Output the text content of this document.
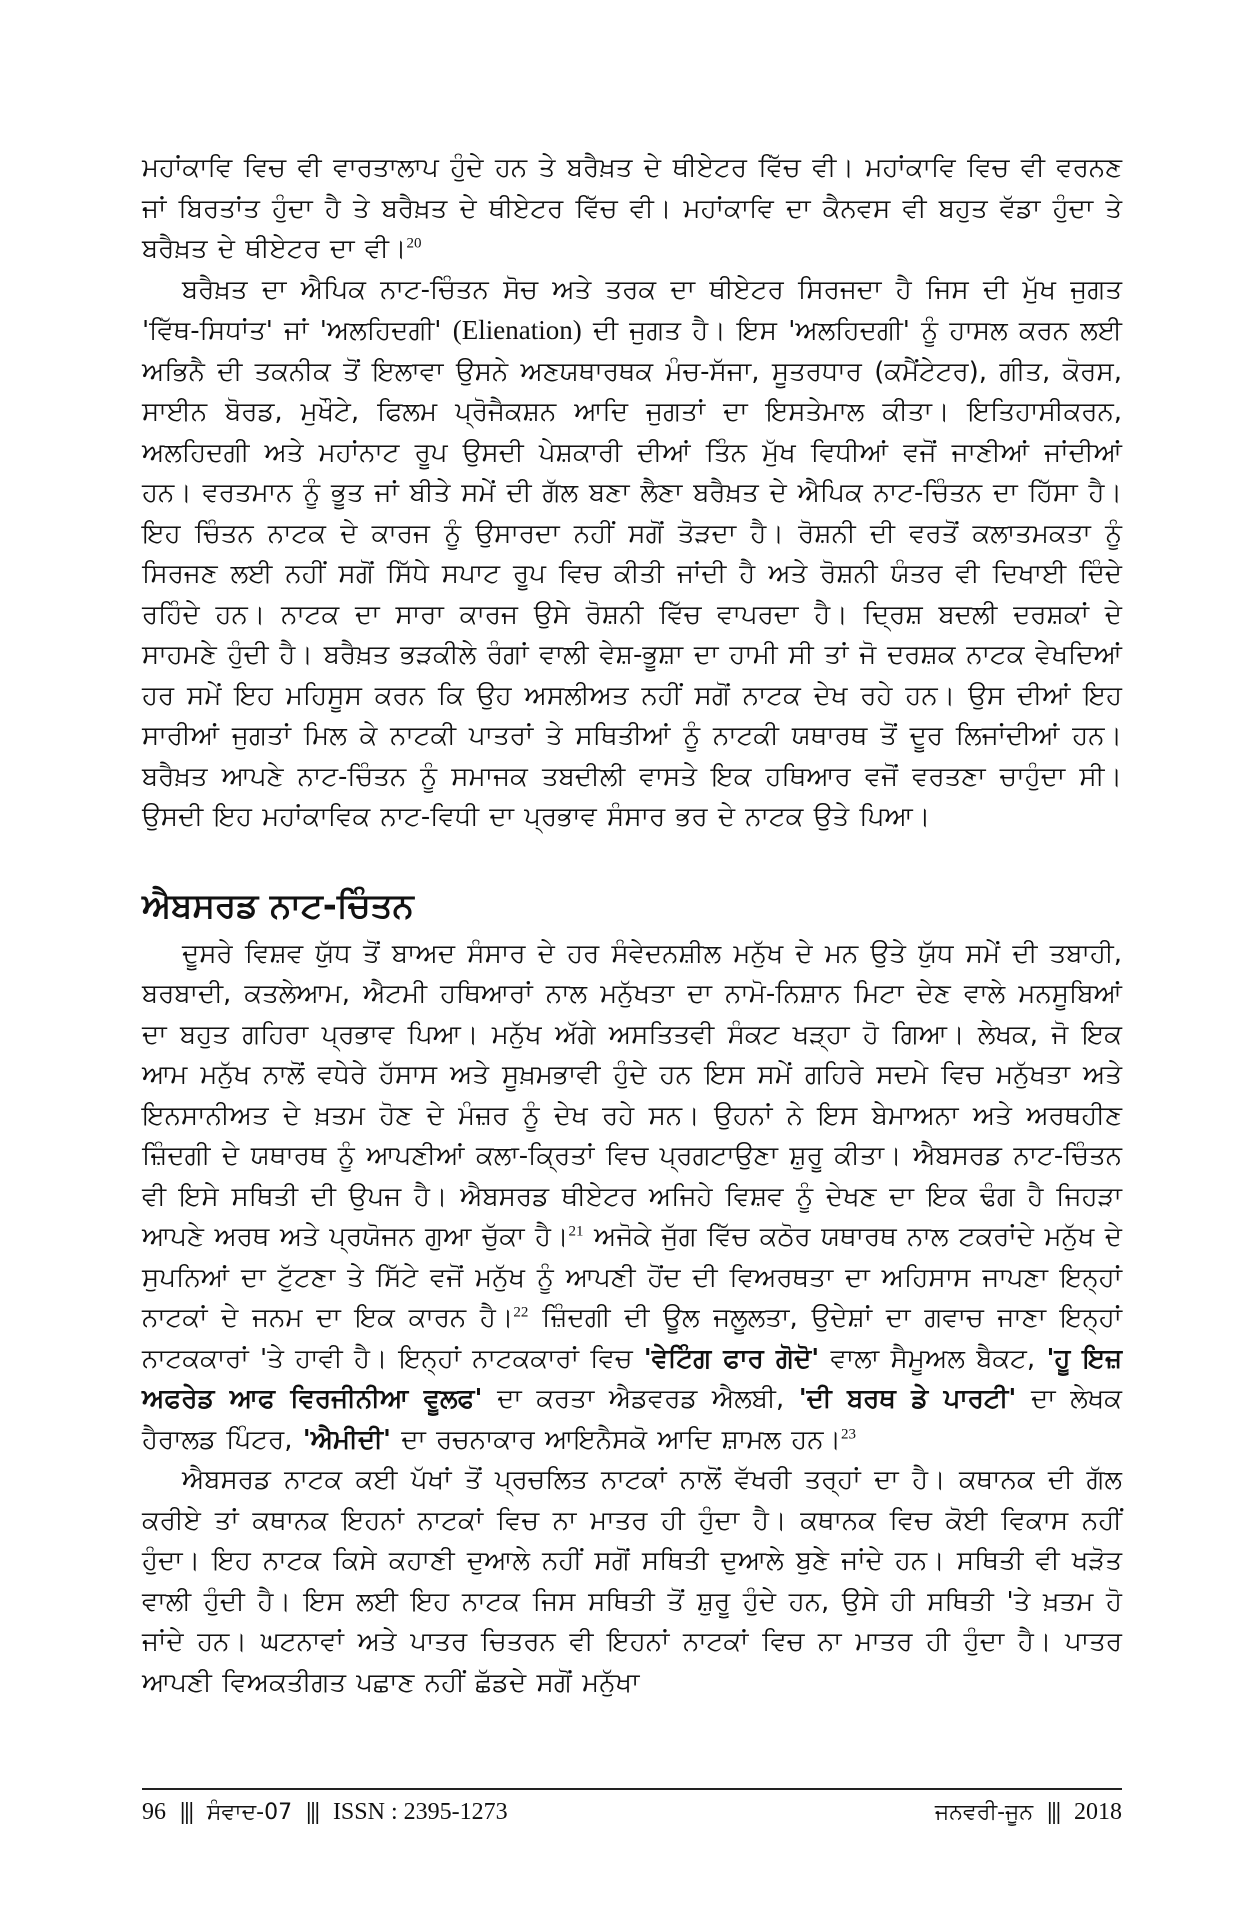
ਮਹਾਂਕਾਵਿ ਵਿਚ ਵੀ ਵਾਰਤਾਲਾਪ ਹੁੰਦੇ ਹਨ ਤੇ ਬਰੈਖ਼ਤ ਦੇ ਥੀਏਟਰ ਵਿੱਚ ਵੀ। ਮਹਾਂਕਾਵਿ ਵਿਚ ਵੀ ਵਰਨਣ ਜਾਂ ਬਿਰਤਾਂਤ ਹੁੰਦਾ ਹੈ ਤੇ ਬਰੈਖ਼ਤ ਦੇ ਥੀਏਟਰ ਵਿੱਚ ਵੀ। ਮਹਾਂਕਾਵਿ ਦਾ ਕੈਨਵਸ ਵੀ ਬਹੁਤ ਵੱਡਾ ਹੁੰਦਾ ਤੇ ਬਰੈਖ਼ਤ ਦੇ ਥੀਏਟਰ ਦਾ ਵੀ।$^{20}$

ਬਰੈਖ਼ਤ ਦਾ ਐਪਿਕ ਨਾਟ-ਚਿੰਤਨ ਸੋਚ ਅਤੇ ਤਰਕ ਦਾ ਥੀਏਟਰ ਸਿਰਜਦਾ ਹੈ ਜਿਸ ਦੀ ਮੁੱਖ ਜੁਗਤ 'ਵਿੱਥ-ਸਿਧਾਂਤ' ਜਾਂ 'ਅਲਹਿਦਗੀ' (Elienation) ਦੀ ਜੁਗਤ ਹੈ। ਇਸ 'ਅਲਹਿਦਗੀ' ਨੂੰ ਹਾਸਲ ਕਰਨ ਲਈ ਅਭਿਨੈ ਦੀ ਤਕਨੀਕ ਤੋਂ ਇਲਾਵਾ ਉਸਨੇ ਅਣਯਥਾਰਥਕ ਮੰਚ-ਸੱਜਾ, ਸੂਤਰਧਾਰ (ਕਮੈਂਟੇਟਰ), ਗੀਤ, ਕੋਰਸ, ਸਾਈਨ ਬੋਰਡ, ਮੁਖੌਟੇ, ਫਿਲਮ ਪ੍ਰੋਜੈਕਸ਼ਨ ਆਦਿ ਜੁਗਤਾਂ ਦਾ ਇਸਤੇਮਾਲ ਕੀਤਾ। ਇਤਿਹਾਸੀਕਰਨ, ਅਲਹਿਦਗੀ ਅਤੇ ਮਹਾਂਨਾਟ ਰੂਪ ਉਸਦੀ ਪੇਸ਼ਕਾਰੀ ਦੀਆਂ ਤਿੰਨ ਮੁੱਖ ਵਿਧੀਆਂ ਵਜੋਂ ਜਾਣੀਆਂ ਜਾਂਦੀਆਂ ਹਨ। ਵਰਤਮਾਨ ਨੂੰ ਭੂਤ ਜਾਂ ਬੀਤੇ ਸਮੇਂ ਦੀ ਗੱਲ ਬਣਾ ਲੈਣਾ ਬਰੈਖ਼ਤ ਦੇ ਐਪਿਕ ਨਾਟ-ਚਿੰਤਨ ਦਾ ਹਿੱਸਾ ਹੈ। ਇਹ ਚਿੰਤਨ ਨਾਟਕ ਦੇ ਕਾਰਜ ਨੂੰ ਉਸਾਰਦਾ ਨਹੀਂ ਸਗੋਂ ਤੋੜਦਾ ਹੈ। ਰੋਸ਼ਨੀ ਦੀ ਵਰਤੋਂ ਕਲਾਤਮਕਤਾ ਨੂੰ ਸਿਰਜਣ ਲਈ ਨਹੀਂ ਸਗੋਂ ਸਿੱਧੇ ਸਪਾਟ ਰੂਪ ਵਿਚ ਕੀਤੀ ਜਾਂਦੀ ਹੈ ਅਤੇ ਰੋਸ਼ਨੀ ਯੰਤਰ ਵੀ ਦਿਖਾਈ ਦਿੰਦੇ ਰਹਿੰਦੇ ਹਨ। ਨਾਟਕ ਦਾ ਸਾਰਾ ਕਾਰਜ ਉਸੇ ਰੋਸ਼ਨੀ ਵਿੱਚ ਵਾਪਰਦਾ ਹੈ। ਦ੍ਰਿਸ਼ ਬਦਲੀ ਦਰਸ਼ਕਾਂ ਦੇ ਸਾਹਮਣੇ ਹੁੰਦੀ ਹੈ। ਬਰੈਖ਼ਤ ਭੜਕੀਲੇ ਰੰਗਾਂ ਵਾਲੀ ਵੇਸ਼-ਭੂਸ਼ਾ ਦਾ ਹਾਮੀ ਸੀ ਤਾਂ ਜੋ ਦਰਸ਼ਕ ਨਾਟਕ ਵੇਖਦਿਆਂ ਹਰ ਸਮੇਂ ਇਹ ਮਹਿਸੂਸ ਕਰਨ ਕਿ ਉਹ ਅਸਲੀਅਤ ਨਹੀਂ ਸਗੋਂ ਨਾਟਕ ਦੇਖ ਰਹੇ ਹਨ। ਉਸ ਦੀਆਂ ਇਹ ਸਾਰੀਆਂ ਜੁਗਤਾਂ ਮਿਲ ਕੇ ਨਾਟਕੀ ਪਾਤਰਾਂ ਤੇ ਸਥਿਤੀਆਂ ਨੂੰ ਨਾਟਕੀ ਯਥਾਰਥ ਤੋਂ ਦੂਰ ਲਿਜਾਂਦੀਆਂ ਹਨ। ਬਰੈਖ਼ਤ ਆਪਣੇ ਨਾਟ-ਚਿੰਤਨ ਨੂੰ ਸਮਾਜਕ ਤਬਦੀਲੀ ਵਾਸਤੇ ਇਕ ਹਥਿਆਰ ਵਜੋਂ ਵਰਤਣਾ ਚਾਹੁੰਦਾ ਸੀ। ਉਸਦੀ ਇਹ ਮਹਾਂਕਾਵਿਕ ਨਾਟ-ਵਿਧੀ ਦਾ ਪ੍ਰਭਾਵ ਸੰਸਾਰ ਭਰ ਦੇ ਨਾਟਕ ਉਤੇ ਪਿਆ।

ਐਬਸਰਡ ਨਾਟ-ਚਿੰਤਨ

ਦੂਸਰੇ ਵਿਸ਼ਵ ਯੁੱਧ ਤੋਂ ਬਾਅਦ ਸੰਸਾਰ ਦੇ ਹਰ ਸੰਵੇਦਨਸ਼ੀਲ ਮਨੁੱਖ ਦੇ ਮਨ ਉਤੇ ਯੁੱਧ ਸਮੇਂ ਦੀ ਤਬਾਹੀ, ਬਰਬਾਦੀ, ਕਤਲੇਆਮ, ਐਟਮੀ ਹਥਿਆਰਾਂ ਨਾਲ ਮਨੁੱਖਤਾ ਦਾ ਨਾਮੋ-ਨਿਸ਼ਾਨ ਮਿਟਾ ਦੇਣ ਵਾਲੇ ਮਨਸੂਬਿਆਂ ਦਾ ਬਹੁਤ ਗਹਿਰਾ ਪ੍ਰਭਾਵ ਪਿਆ। ਮਨੁੱਖ ਅੱਗੇ ਅਸਤਿਤਵੀ ਸੰਕਟ ਖੜ੍ਹਾ ਹੋ ਗਿਆ। ਲੇਖਕ, ਜੋ ਇਕ ਆਮ ਮਨੁੱਖ ਨਾਲੋਂ ਵਧੇਰੇ ਹੱਸਾਸ ਅਤੇ ਸੂਖ਼ਮਭਾਵੀ ਹੁੰਦੇ ਹਨ ਇਸ ਸਮੇਂ ਗਹਿਰੇ ਸਦਮੇ ਵਿਚ ਮਨੁੱਖਤਾ ਅਤੇ ਇਨਸਾਨੀਅਤ ਦੇ ਖ਼ਤਮ ਹੋਣ ਦੇ ਮੰਜ਼ਰ ਨੂੰ ਦੇਖ ਰਹੇ ਸਨ। ਉਹਨਾਂ ਨੇ ਇਸ ਬੇਮਾਅਨਾ ਅਤੇ ਅਰਥਹੀਣ ਜ਼ਿੰਦਗੀ ਦੇ ਯਥਾਰਥ ਨੂੰ ਆਪਣੀਆਂ ਕਲਾ-ਕ੍ਰਿਤਾਂ ਵਿਚ ਪ੍ਰਗਟਾਉਣਾ ਸ਼ੁਰੂ ਕੀਤਾ। ਐਬਸਰਡ ਨਾਟ-ਚਿੰਤਨ ਵੀ ਇਸੇ ਸਥਿਤੀ ਦੀ ਉਪਜ ਹੈ। ਐਬਸਰਡ ਥੀਏਟਰ ਅਜਿਹੇ ਵਿਸ਼ਵ ਨੂੰ ਦੇਖਣ ਦਾ ਇਕ ਢੰਗ ਹੈ ਜਿਹੜਾ ਆਪਣੇ ਅਰਥ ਅਤੇ ਪ੍ਰਯੋਜਨ ਗੁਆ ਚੁੱਕਾ ਹੈ।$^{21}$ ਅਜੋਕੇ ਜੁੱਗ ਵਿੱਚ ਕਠੋਰ ਯਥਾਰਥ ਨਾਲ ਟਕਰਾਂਦੇ ਮਨੁੱਖ ਦੇ ਸੁਪਨਿਆਂ ਦਾ ਟੁੱਟਣਾ ਤੇ ਸਿੱਟੇ ਵਜੋਂ ਮਨੁੱਖ ਨੂੰ ਆਪਣੀ ਹੋਂਦ ਦੀ ਵਿਅਰਥਤਾ ਦਾ ਅਹਿਸਾਸ ਜਾਪਣਾ ਇਨ੍ਹਾਂ ਨਾਟਕਾਂ ਦੇ ਜਨਮ ਦਾ ਇਕ ਕਾਰਨ ਹੈ।$^{22}$ ਜ਼ਿੰਦਗੀ ਦੀ ਊਲ ਜਲੂਲਤਾ, ਉਦੇਸ਼ਾਂ ਦਾ ਗਵਾਚ ਜਾਣਾ ਇਨ੍ਹਾਂ ਨਾਟਕਕਾਰਾਂ 'ਤੇ ਹਾਵੀ ਹੈ। ਇਨ੍ਹਾਂ ਨਾਟਕਕਾਰਾਂ ਵਿਚ 'ਵੇਟਿੰਗ ਫਾਰ ਗੋਦੋ' ਵਾਲਾ ਸੈਮੂਅਲ ਬੈਕਟ, 'ਹੂ ਇਜ਼ ਅਫਰੇਡ ਆਫ ਵਿਰਜੀਨੀਆ ਵੂਲਫ' ਦਾ ਕਰਤਾ ਐਡਵਰਡ ਐਲਬੀ, 'ਦੀ ਬਰਥ ਡੇ ਪਾਰਟੀ' ਦਾ ਲੇਖਕ ਹੈਰਾਲਡ ਪਿੰਟਰ, 'ਐਮੀਦੀ' ਦਾ ਰਚਨਾਕਾਰ ਆਇਨੈਸਕੋ ਆਦਿ ਸ਼ਾਮਲ ਹਨ।$^{23}$

ਐਬਸਰਡ ਨਾਟਕ ਕਈ ਪੱਖਾਂ ਤੋਂ ਪ੍ਰਚਲਿਤ ਨਾਟਕਾਂ ਨਾਲੋਂ ਵੱਖਰੀ ਤਰ੍ਹਾਂ ਦਾ ਹੈ। ਕਥਾਨਕ ਦੀ ਗੱਲ ਕਰੀਏ ਤਾਂ ਕਥਾਨਕ ਇਹਨਾਂ ਨਾਟਕਾਂ ਵਿਚ ਨਾ ਮਾਤਰ ਹੀ ਹੁੰਦਾ ਹੈ। ਕਥਾਨਕ ਵਿਚ ਕੋਈ ਵਿਕਾਸ ਨਹੀਂ ਹੁੰਦਾ। ਇਹ ਨਾਟਕ ਕਿਸੇ ਕਹਾਣੀ ਦੁਆਲੇ ਨਹੀਂ ਸਗੋਂ ਸਥਿਤੀ ਦੁਆਲੇ ਬੁਣੇ ਜਾਂਦੇ ਹਨ। ਸਥਿਤੀ ਵੀ ਖੜੋਤ ਵਾਲੀ ਹੁੰਦੀ ਹੈ। ਇਸ ਲਈ ਇਹ ਨਾਟਕ ਜਿਸ ਸਥਿਤੀ ਤੋਂ ਸ਼ੁਰੂ ਹੁੰਦੇ ਹਨ, ਉਸੇ ਹੀ ਸਥਿਤੀ 'ਤੇ ਖ਼ਤਮ ਹੋ ਜਾਂਦੇ ਹਨ। ਘਟਨਾਵਾਂ ਅਤੇ ਪਾਤਰ ਚਿਤਰਨ ਵੀ ਇਹਨਾਂ ਨਾਟਕਾਂ ਵਿਚ ਨਾ ਮਾਤਰ ਹੀ ਹੁੰਦਾ ਹੈ। ਪਾਤਰ ਆਪਣੀ ਵਿਅਕਤੀਗਤ ਪਛਾਣ ਨਹੀਂ ਛੱਡਦੇ ਸਗੋਂ ਮਨੁੱਖਾ

96 ||| ਸੰਵਾਦ-07 ||| ISSN : 2395-1273	ਜਨਵਰੀ-ਜੂਨ ||| 2018
